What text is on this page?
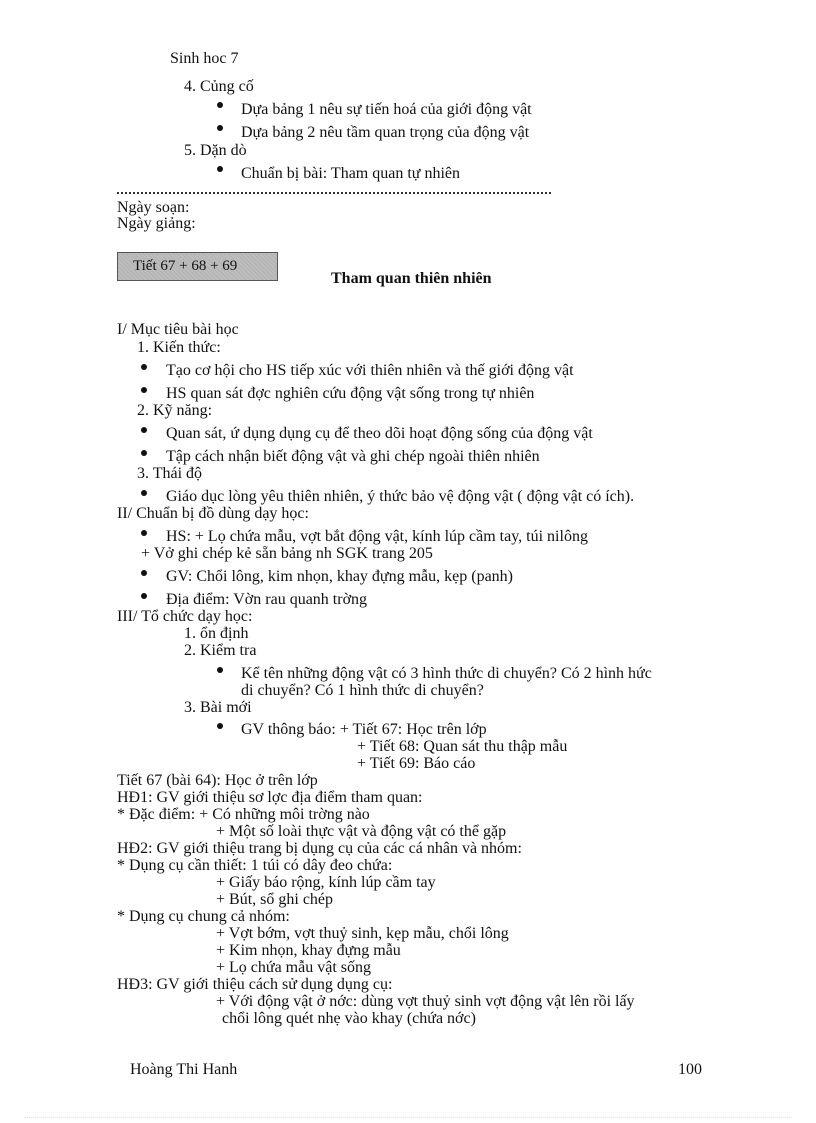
Sinh hoc 7
4. Củng cố
Dựa bảng 1 nêu sự tiến hoá của giới động vật
Dựa bảng 2 nêu tầm quan trọng của động vật
5. Dặn dò
Chuẩn bị bài: Tham quan tự nhiên
Ngày soạn:
Ngày giảng:
Tiết 67 + 68 + 69
Tham quan thiên nhiên
I/ Mục tiêu bài học
1. Kiến thức:
Tạo cơ hội cho HS tiếp xúc với thiên nhiên và thế giới động vật
HS quan sát đợc nghiên cứu động vật sống trong tự nhiên
2. Kỹ năng:
Quan sát, ứ dụng dụng cụ để theo dõi hoạt động sống của động vật
Tập cách nhận biết động vật và ghi chép ngoài thiên nhiên
3. Thái độ
Giáo dục lòng yêu thiên nhiên, ý thức bảo vệ động vật ( động vật có ích).
II/ Chuẩn bị đồ dùng dạy học:
HS: + Lọ chứa mẫu, vợt bắt động vật, kính lúp cầm tay, túi nilông
+ Vở ghi chép kẻ sẵn bảng nh SGK trang 205
GV: Chổi lông, kim nhọn, khay đựng mẫu, kẹp (panh)
Địa điểm: Vờn rau quanh trờng
III/ Tổ chức dạy học:
1. ổn định
2. Kiểm tra
Kể tên những động vật có 3 hình thức di chuyển? Có 2 hình hức
di chuyển? Có 1 hình thức di chuyển?
3. Bài mới
GV thông báo: + Tiết 67: Học trên lớp
+ Tiết 68: Quan sát thu thập mẫu
+ Tiết 69: Báo cáo
Tiết 67 (bài 64): Học ở trên lớp
HĐ1: GV giới thiệu sơ lợc địa điểm tham quan:
* Đặc điểm: + Có những môi trờng nào
+ Một số loài thực vật và động vật có thể gặp
HĐ2: GV giới thiệu trang bị dụng cụ của các cá nhân và nhóm:
* Dụng cụ cần thiết: 1 túi có dây đeo chứa:
+ Giấy báo rộng, kính lúp cầm tay
+ Bút, sổ ghi chép
* Dụng cụ chung cả nhóm:
+ Vợt bớm, vợt thuỷ sinh, kẹp mẫu, chổi lông
+ Kim nhọn, khay đựng mẫu
+ Lọ chứa mẫu vật sống
HĐ3: GV giới thiệu cách sử dụng dụng cụ:
+ Với động vật ở nớc: dùng vợt thuỷ sinh vợt động vật lên rồi lấy
chổi lông quét nhẹ vào khay (chứa nớc)
Hoàng Thi Hanh	100
